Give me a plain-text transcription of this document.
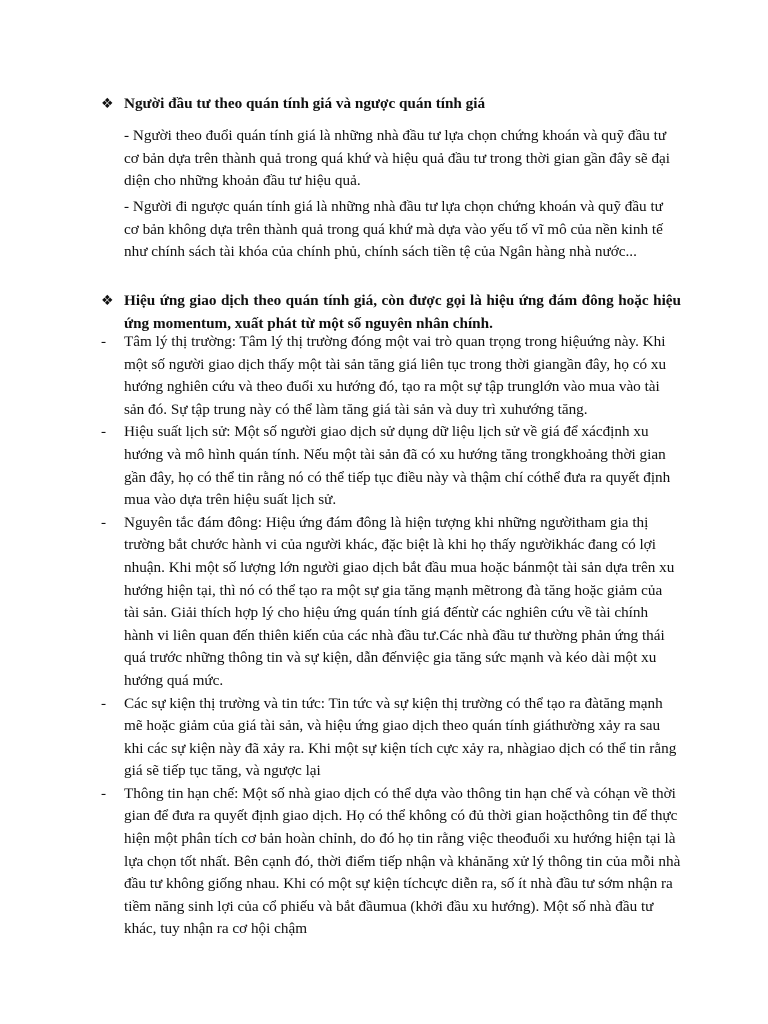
❖ Người đầu tư theo quán tính giá và ngược quán tính giá
- Người theo đuổi quán tính giá là những nhà đầu tư lựa chọn chứng khoán và quỹ đầu tư cơ bản dựa trên thành quả trong quá khứ và hiệu quả đầu tư trong thời gian gần đây sẽ đại diện cho những khoản đầu tư hiệu quả.
- Người đi ngược quán tính giá là những nhà đầu tư lựa chọn chứng khoán và quỹ đầu tư cơ bản không dựa trên thành quả trong quá khứ mà dựa vào yếu tố vĩ mô của nền kinh tế như chính sách tài khóa của chính phủ, chính sách tiền tệ của Ngân hàng nhà nước...
❖ Hiệu ứng giao dịch theo quán tính giá, còn được gọi là hiệu ứng đám đông hoặc hiệu ứng momentum, xuất phát từ một số nguyên nhân chính.
- Tâm lý thị trường: Tâm lý thị trường đóng một vai trò quan trọng trong hiệuứng này. Khi một số người giao dịch thấy một tài sản tăng giá liên tục trong thời giangần đây, họ có xu hướng nghiên cứu và theo đuổi xu hướng đó, tạo ra một sự tập trunglớn vào mua vào tài sản đó. Sự tập trung này có thể làm tăng giá tài sản và duy trì xuhướng tăng.
- Hiệu suất lịch sử: Một số người giao dịch sử dụng dữ liệu lịch sử về giá để xácđịnh xu hướng và mô hình quán tính. Nếu một tài sản đã có xu hướng tăng trongkhoảng thời gian gần đây, họ có thể tin rằng nó có thể tiếp tục điều này và thậm chí cóthể đưa ra quyết định mua vào dựa trên hiệu suất lịch sử.
- Nguyên tắc đám đông: Hiệu ứng đám đông là hiện tượng khi những ngườitham gia thị trường bắt chước hành vi của người khác, đặc biệt là khi họ thấy ngườikhác đang có lợi nhuận. Khi một số lượng lớn người giao dịch bắt đầu mua hoặc bánmột tài sản dựa trên xu hướng hiện tại, thì nó có thể tạo ra một sự gia tăng mạnh mẽtrong đà tăng hoặc giảm của tài sản. Giải thích hợp lý cho hiệu ứng quán tính giá đếntừ các nghiên cứu về tài chính hành vi liên quan đến thiên kiến của các nhà đầu tư.Các nhà đầu tư thường phản ứng thái quá trước những thông tin và sự kiện, dẫn đếnviệc gia tăng sức mạnh và kéo dài một xu hướng quá mức.
- Các sự kiện thị trường và tin tức: Tin tức và sự kiện thị trường có thể tạo ra đàtăng mạnh mẽ hoặc giảm của giá tài sản, và hiệu ứng giao dịch theo quán tính giáthường xảy ra sau khi các sự kiện này đã xảy ra. Khi một sự kiện tích cực xảy ra, nhàgiao dịch có thể tin rằng giá sẽ tiếp tục tăng, và ngược lại
- Thông tin hạn chế: Một số nhà giao dịch có thể dựa vào thông tin hạn chế và cóhạn về thời gian để đưa ra quyết định giao dịch. Họ có thể không có đủ thời gian hoặcthông tin để thực hiện một phân tích cơ bản hoàn chỉnh, do đó họ tin rằng việc theođuổi xu hướng hiện tại là lựa chọn tốt nhất. Bên cạnh đó, thời điểm tiếp nhận và khảnăng xử lý thông tin của mỗi nhà đầu tư không giống nhau. Khi có một sự kiện tíchcực diễn ra, số ít nhà đầu tư sớm nhận ra tiềm năng sinh lợi của cổ phiếu và bắt đầumua (khởi đầu xu hướng). Một số nhà đầu tư khác, tuy nhận ra cơ hội chậm
